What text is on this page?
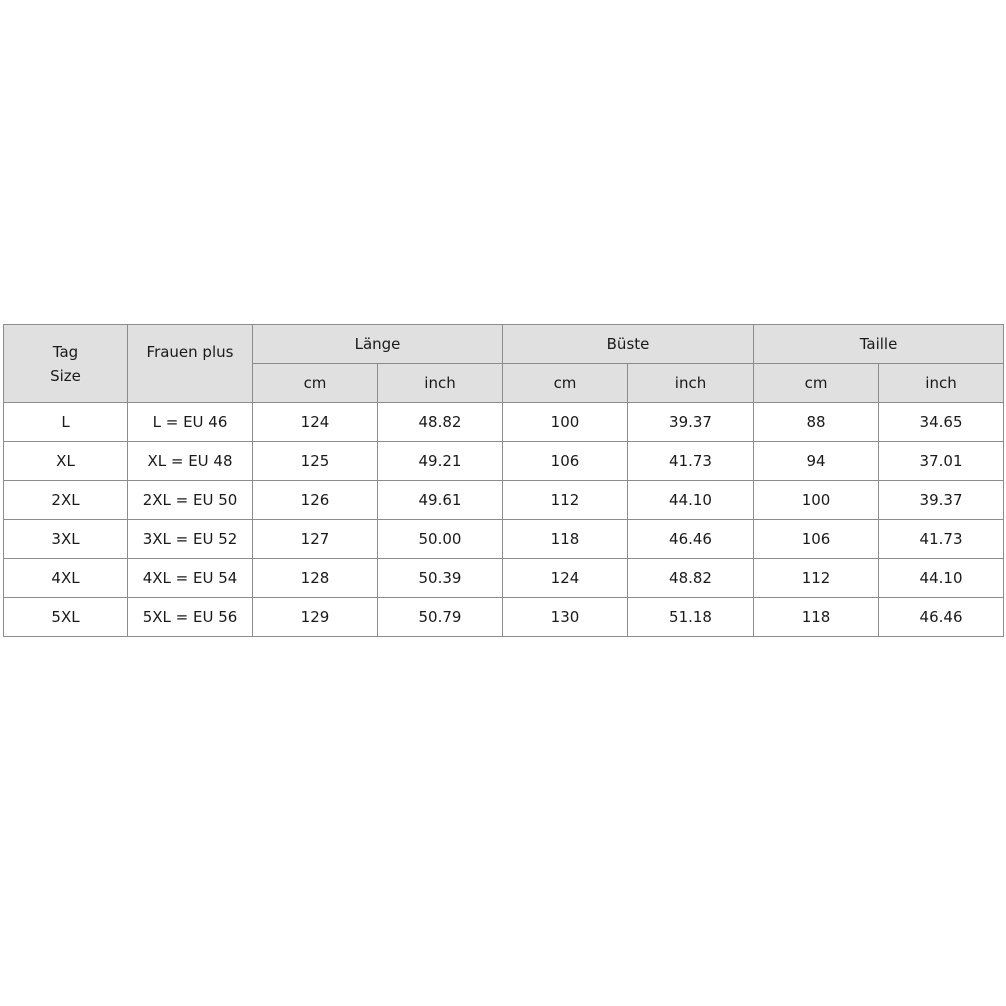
Tag
Size	Frauen plus	Länge		Büste		Taille	
		cm	inch	cm	inch	cm	inch
L	L = EU 46	124	48.82	100	39.37	88	34.65
XL	XL = EU 48	125	49.21	106	41.73	94	37.01
2XL	2XL = EU 50	126	49.61	112	44.10	100	39.37
3XL	3XL = EU 52	127	50.00	118	46.46	106	41.73
4XL	4XL = EU 54	128	50.39	124	48.82	112	44.10
5XL	5XL = EU 56	129	50.79	130	51.18	118	46.46
